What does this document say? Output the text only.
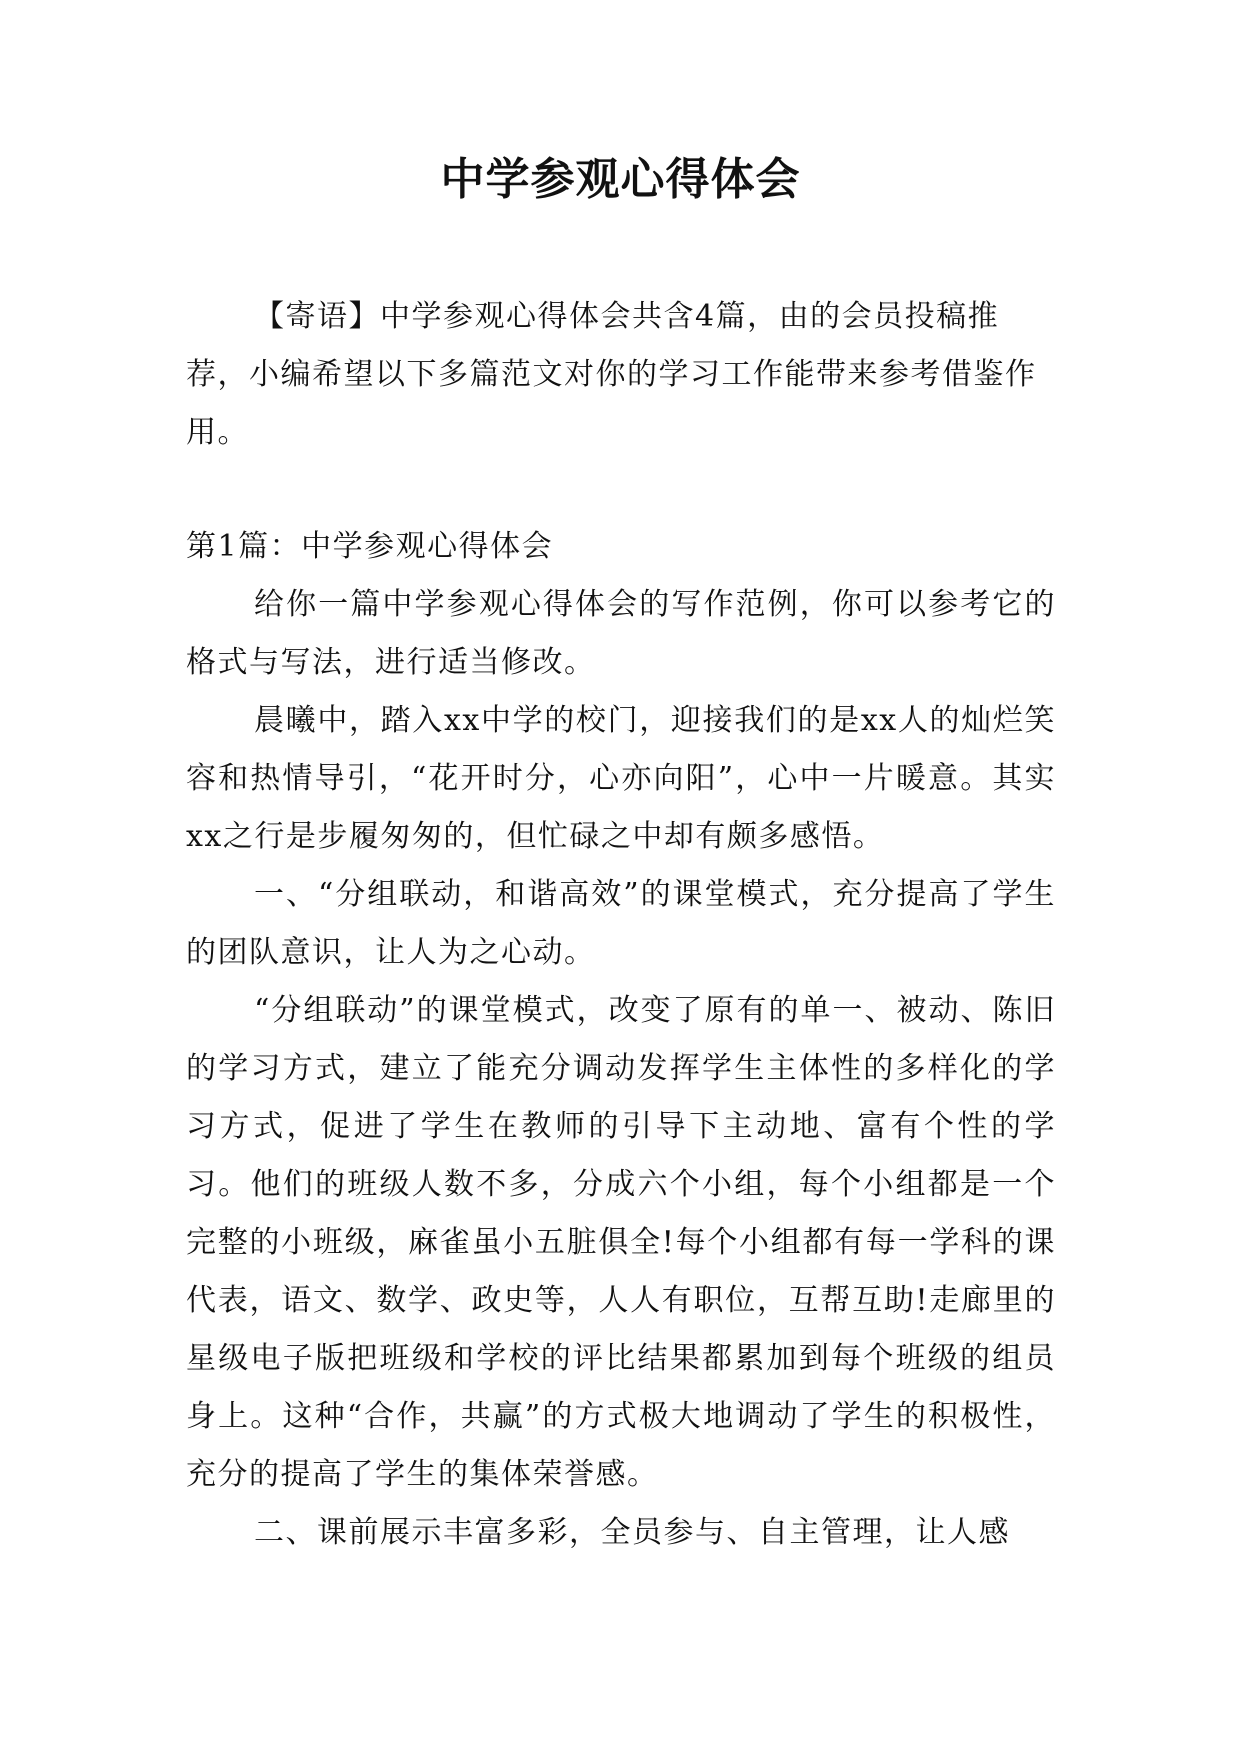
中学参观心得体会

【寄语】中学参观心得体会共含4篇，由的会员投稿推荐，小编希望以下多篇范文对你的学习工作能带来参考借鉴作用。

第1篇：中学参观心得体会

给你一篇中学参观心得体会的写作范例，你可以参考它的格式与写法，进行适当修改。

晨曦中，踏入xx中学的校门，迎接我们的是xx人的灿烂笑容和热情导引，“花开时分，心亦向阳”，心中一片暖意。其实xx之行是步履匆匆的，但忙碌之中却有颇多感悟。

一、“分组联动，和谐高效”的课堂模式，充分提高了学生的团队意识，让人为之心动。

“分组联动”的课堂模式，改变了原有的单一、被动、陈旧的学习方式，建立了能充分调动发挥学生主体性的多样化的学习方式，促进了学生在教师的引导下主动地、富有个性的学习。他们的班级人数不多，分成六个小组，每个小组都是一个完整的小班级，麻雀虽小五脏俱全!每个小组都有每一学科的课代表，语文、数学、政史等，人人有职位，互帮互助!走廊里的星级电子版把班级和学校的评比结果都累加到每个班级的组员身上。这种“合作，共赢”的方式极大地调动了学生的积极性，充分的提高了学生的集体荣誉感。

二、课前展示丰富多彩，全员参与、自主管理，让人感
